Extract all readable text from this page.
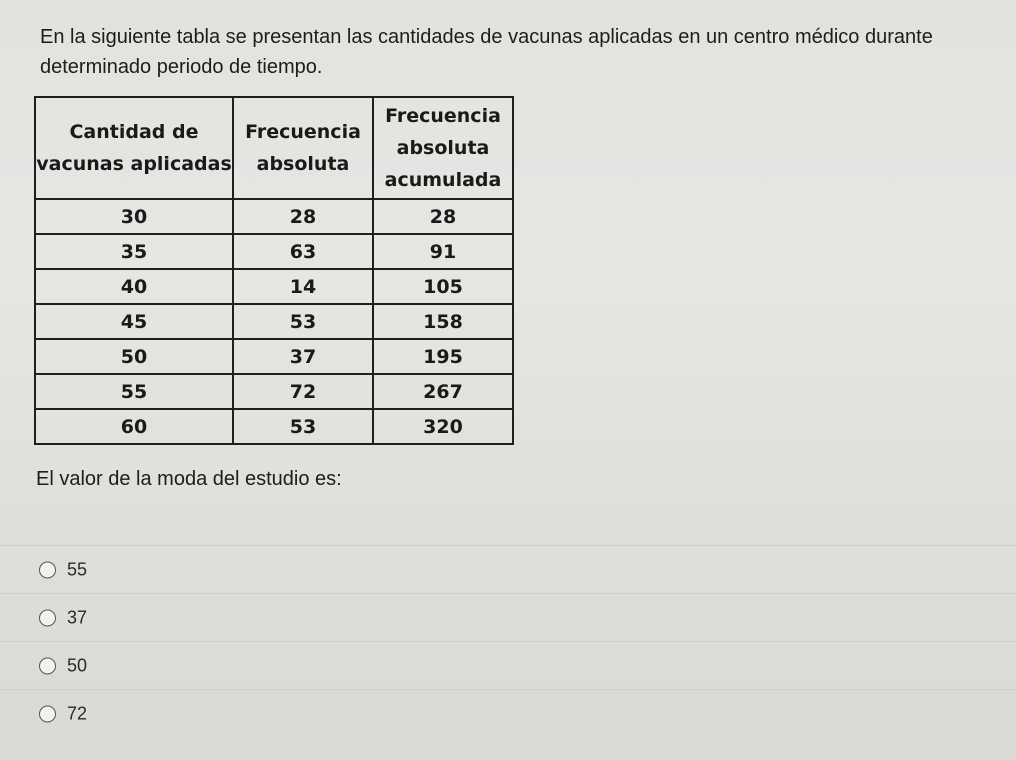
En la siguiente tabla se presentan las cantidades de vacunas aplicadas en un centro médico durante determinado periodo de tiempo.

Cantidad de vacunas aplicadas	Frecuencia absoluta	Frecuencia absoluta acumulada
30	28	28
35	63	91
40	14	105
45	53	158
50	37	195
55	72	267
60	53	320

El valor de la moda del estudio es:

55
37
50
72
